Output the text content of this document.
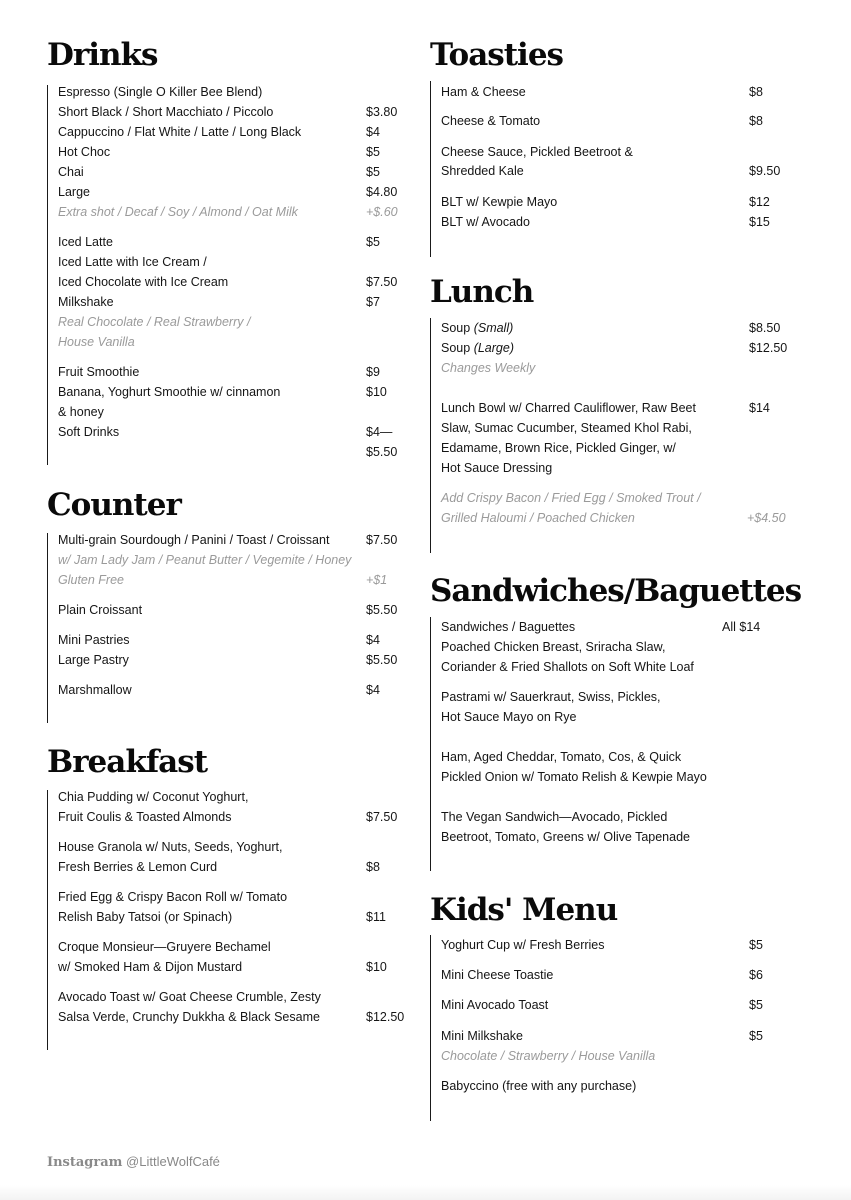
Drinks
Espresso (Single O Killer Bee Blend)
Short Black / Short Macchiato / Piccolo	$3.80
Cappuccino / Flat White / Latte / Long Black	$4
Hot Choc	$5
Chai	$5
Large	$4.80
Extra shot / Decaf / Soy / Almond / Oat Milk	+$.60
Iced Latte	$5
Iced Latte with Ice Cream /
Iced Chocolate with Ice Cream	$7.50
Milkshake	$7
Real Chocolate / Real Strawberry /
House Vanilla
Fruit Smoothie	$9
Banana, Yoghurt Smoothie w/ cinnamon	$10
& honey
Soft Drinks	$4—
$5.50
Counter
Multi-grain Sourdough / Panini / Toast / Croissant	$7.50
w/ Jam Lady Jam / Peanut Butter / Vegemite / Honey
Gluten Free	+$1
Plain Croissant	$5.50
Mini Pastries	$4
Large Pastry	$5.50
Marshmallow	$4
Breakfast
Chia Pudding w/ Coconut Yoghurt,
Fruit Coulis & Toasted Almonds	$7.50
House Granola w/ Nuts, Seeds, Yoghurt,
Fresh Berries & Lemon Curd	$8
Fried Egg & Crispy Bacon Roll w/ Tomato
Relish Baby Tatsoi (or Spinach)	$11
Croque Monsieur—Gruyere Bechamel
w/ Smoked Ham & Dijon Mustard	$10
Avocado Toast w/ Goat Cheese Crumble, Zesty
Salsa Verde, Crunchy Dukkha & Black Sesame	$12.50
Toasties
Ham & Cheese	$8
Cheese & Tomato	$8
Cheese Sauce, Pickled Beetroot &
Shredded Kale	$9.50
BLT w/ Kewpie Mayo	$12
BLT w/ Avocado	$15
Lunch
Soup (Small)	$8.50
Soup (Large)	$12.50
Changes Weekly
Lunch Bowl w/ Charred Cauliflower, Raw Beet	$14
Slaw, Sumac Cucumber, Steamed Khol Rabi,
Edamame, Brown Rice, Pickled Ginger, w/
Hot Sauce Dressing
Add Crispy Bacon / Fried Egg / Smoked Trout /
Grilled Haloumi / Poached Chicken	+$4.50
Sandwiches/Baguettes
Sandwiches / Baguettes	All $14
Poached Chicken Breast, Sriracha Slaw,
Coriander & Fried Shallots on Soft White Loaf
Pastrami w/ Sauerkraut, Swiss, Pickles,
Hot Sauce Mayo on Rye
Ham, Aged Cheddar, Tomato, Cos, & Quick
Pickled Onion w/ Tomato Relish & Kewpie Mayo
The Vegan Sandwich—Avocado, Pickled
Beetroot, Tomato, Greens w/ Olive Tapenade
Kids' Menu
Yoghurt Cup w/ Fresh Berries	$5
Mini Cheese Toastie	$6
Mini Avocado Toast	$5
Mini Milkshake	$5
Chocolate / Strawberry / House Vanilla
Babyccino (free with any purchase)
Instagram @LittleWolfCafé
